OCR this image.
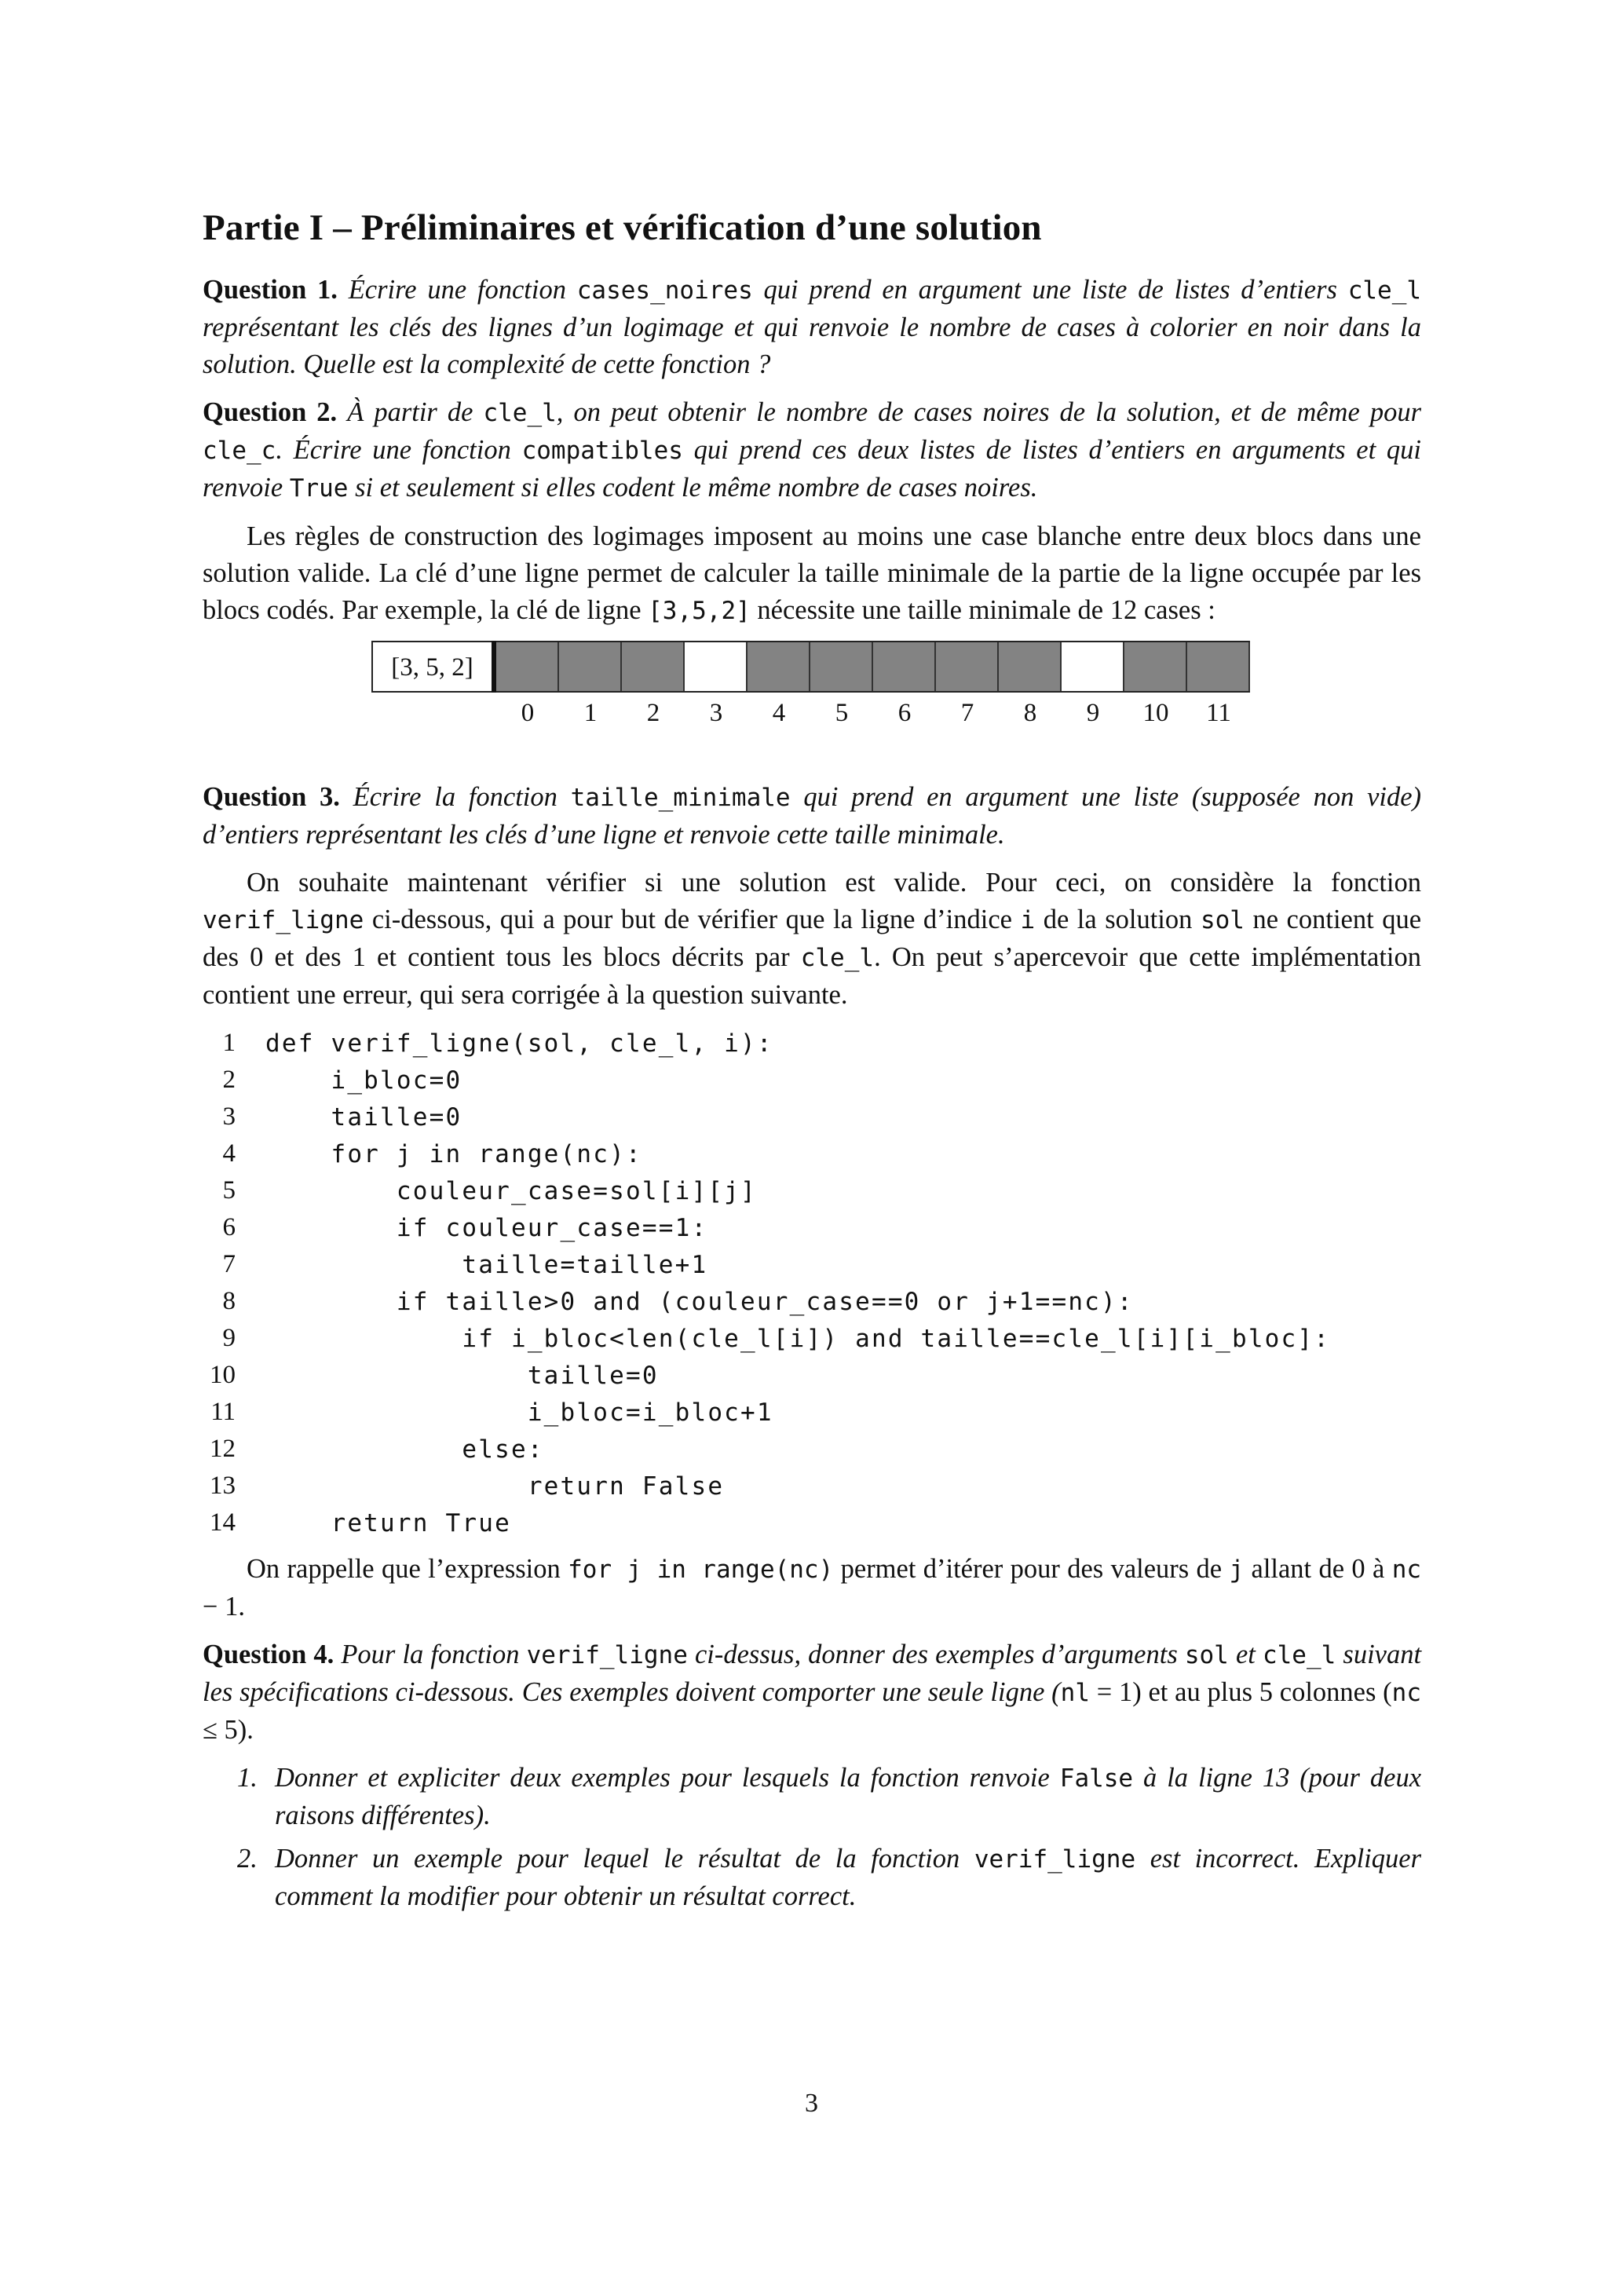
Partie I – Préliminaires et vérification d’une solution

Question 1. Écrire une fonction cases_noires qui prend en argument une liste de listes d’entiers cle_l représentant les clés des lignes d’un logimage et qui renvoie le nombre de cases à colorier en noir dans la solution. Quelle est la complexité de cette fonction ?

Question 2. À partir de cle_l, on peut obtenir le nombre de cases noires de la solution, et de même pour cle_c. Écrire une fonction compatibles qui prend ces deux listes de listes d’entiers en arguments et qui renvoie True si et seulement si elles codent le même nombre de cases noires.

Les règles de construction des logimages imposent au moins une case blanche entre deux blocs dans une solution valide. La clé d’une ligne permet de calculer la taille minimale de la partie de la ligne occupée par les blocs codés. Par exemple, la clé de ligne [3,5,2] nécessite une taille minimale de 12 cases :

[3, 5, 2]
0	1	2	3	4	5	6	7	8	9	10	11

Question 3. Écrire la fonction taille_minimale qui prend en argument une liste (supposée non vide) d’entiers représentant les clés d’une ligne et renvoie cette taille minimale.

On souhaite maintenant vérifier si une solution est valide. Pour ceci, on considère la fonction verif_ligne ci-dessous, qui a pour but de vérifier que la ligne d’indice i de la solution sol ne contient que des 0 et des 1 et contient tous les blocs décrits par cle_l. On peut s’apercevoir que cette implémentation contient une erreur, qui sera corrigée à la question suivante.

1 def verif_ligne(sol, cle_l, i):
2 i_bloc=0
3 taille=0
4 for j in range(nc):
5 couleur_case=sol[i][j]
6 if couleur_case==1:
7 taille=taille+1
8 if taille>0 and (couleur_case==0 or j+1==nc):
9 if i_bloc<len(cle_l[i]) and taille==cle_l[i][i_bloc]:
10 taille=0
11 i_bloc=i_bloc+1
12 else:
13 return False
14 return True

On rappelle que l’expression for j in range(nc) permet d’itérer pour des valeurs de j allant de 0 à nc − 1.

Question 4. Pour la fonction verif_ligne ci-dessus, donner des exemples d’arguments sol et cle_l suivant les spécifications ci-dessous. Ces exemples doivent comporter une seule ligne (nl = 1) et au plus 5 colonnes (nc ≤ 5).

1. Donner et expliciter deux exemples pour lesquels la fonction renvoie False à la ligne 13 (pour deux raisons différentes).
2. Donner un exemple pour lequel le résultat de la fonction verif_ligne est incorrect. Expliquer comment la modifier pour obtenir un résultat correct.
3
